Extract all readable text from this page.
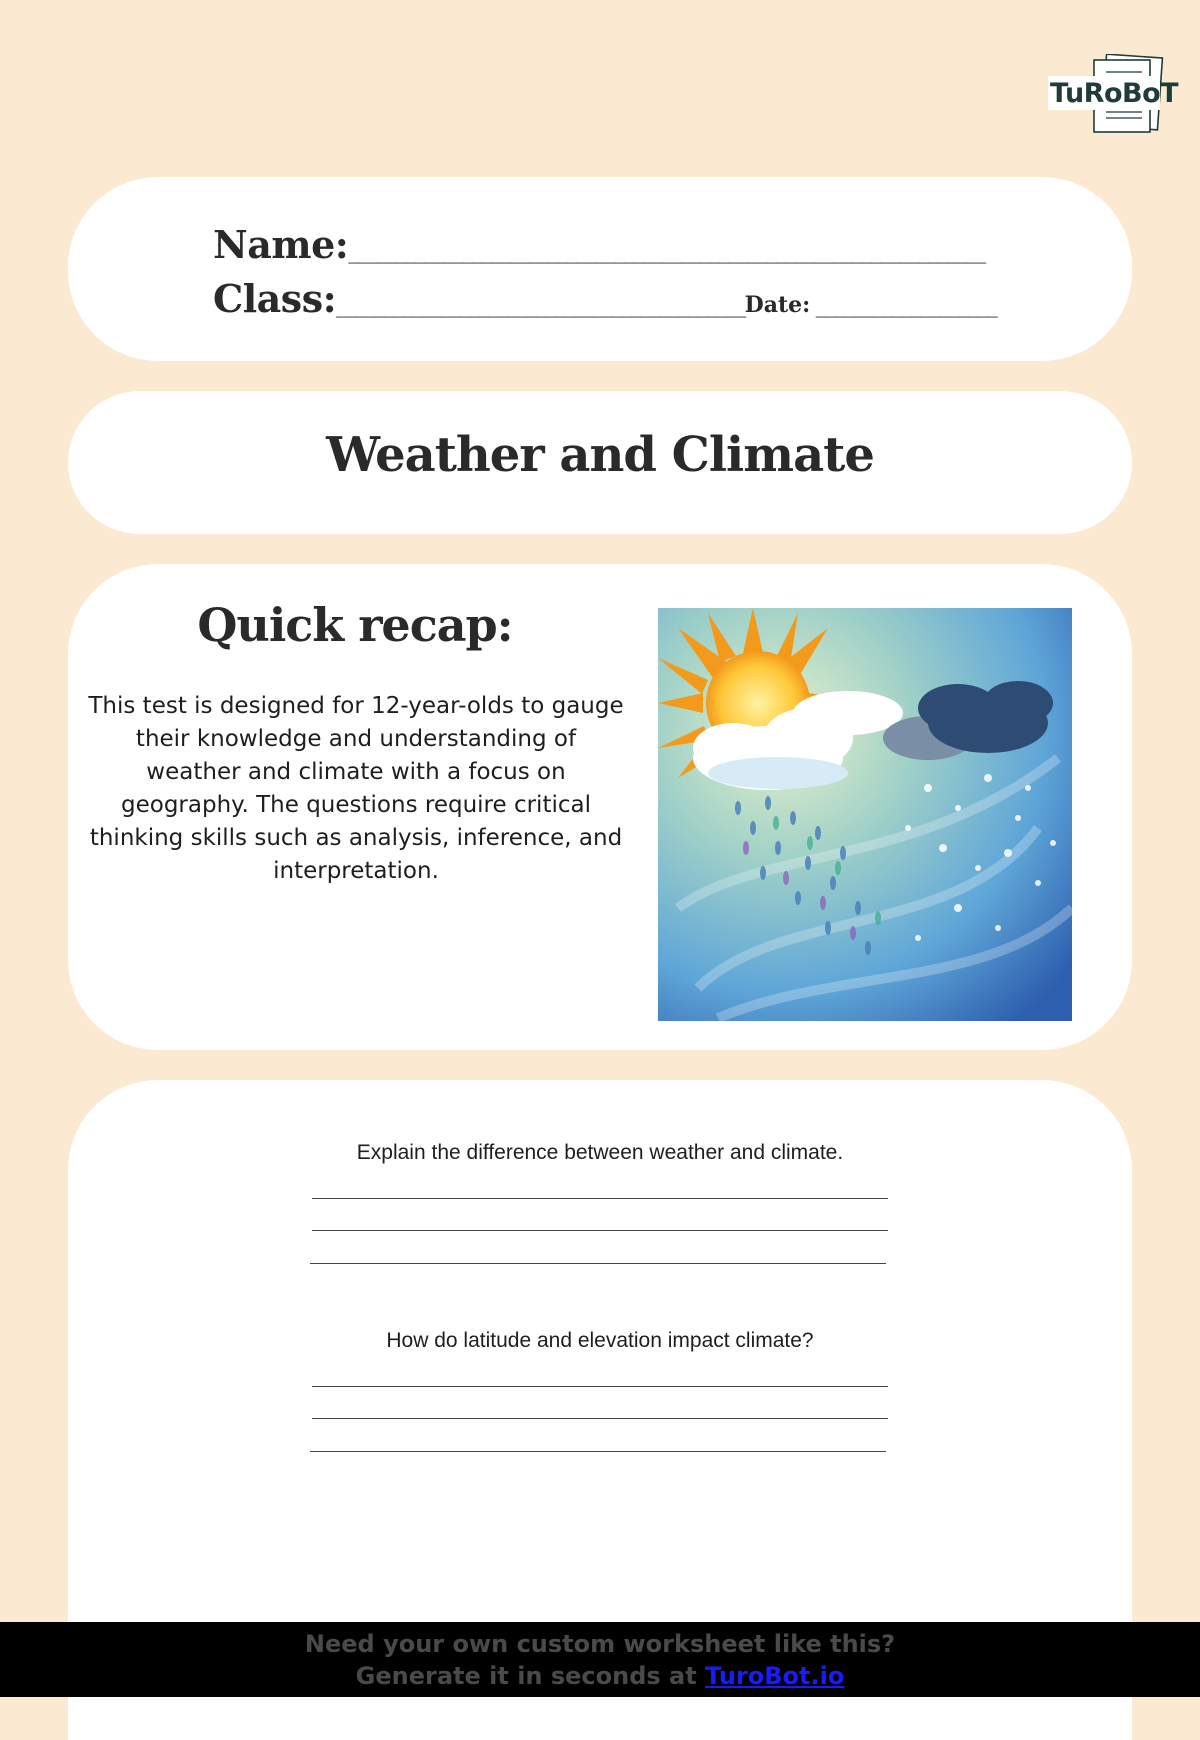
TuRoBoT
Name:___________________________________________________________________
Class:___________________________________________Date: ___________________
Weather and Climate
Quick recap:
This test is designed for 12-year-olds to gauge their knowledge and understanding of weather and climate with a focus on geography. The questions require critical thinking skills such as analysis, inference, and interpretation.
Explain the difference between weather and climate.
How do latitude and elevation impact climate?
Need your own custom worksheet like this?
Generate it in seconds at TuroBot.io
